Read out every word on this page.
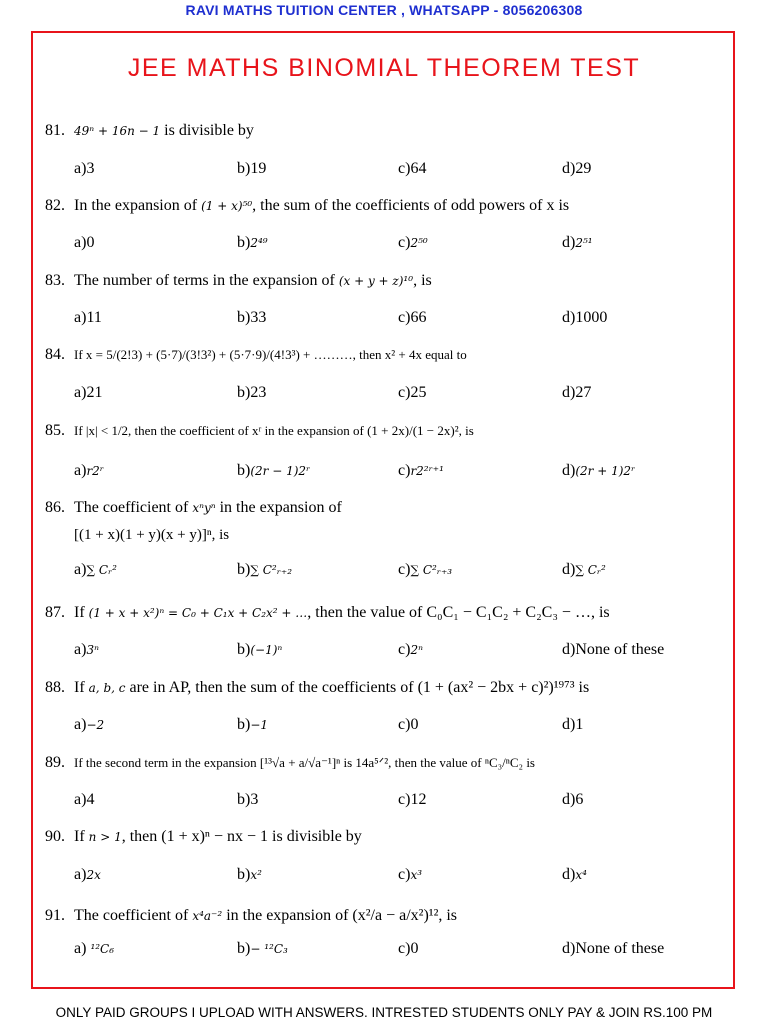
RAVI MATHS TUITION CENTER , WHATSAPP - 8056206308
JEE MATHS BINOMIAL THEOREM TEST
81. 49ⁿ + 16n − 1 is divisible by
a)3	b)19	c)64	d)29
82. In the expansion of (1 + x)⁵⁰, the sum of the coefficients of odd powers of x is
a)0	b)2⁴⁹	c)2⁵⁰	d)2⁵¹
83. The number of terms in the expansion of (x + y + z)¹⁰, is
a)11	b)33	c)66	d)1000
84. If x = 5/(2!3) + (5·7)/(3!3²) + (5·7·9)/(4!3³) + ………, then x² + 4x equal to
a)21	b)23	c)25	d)27
85. If |x| < 1/2, then the coefficient of xʳ in the expansion of (1 + 2x)/(1 − 2x)², is
a)r2ʳ	b)(2r − 1)2ʳ	c)r2²ʳ⁺¹	d)(2r + 1)2ʳ
86. The coefficient of xⁿyⁿ in the expansion of
[(1 + x)(1 + y)(x + y)]ⁿ, is
a)∑ Cᵣ²	b)∑ C²ᵣ₊₂	c)∑ C²ᵣ₊₃	d)∑ Cᵣ²
87. If (1 + x + x²)ⁿ = C₀ + C₁x + C₂x² + …, then the value of C₀C₁ − C₁C₂ + C₂C₃ − …, is
a)3ⁿ	b)(−1)ⁿ	c)2ⁿ	d)None of these
88. If a, b, c are in AP, then the sum of the coefficients of (1 + (ax² − 2bx + c)²)¹⁹⁷³ is
a)−2	b)−1	c)0	d)1
89. If the second term in the expansion [¹³√a + a/√a⁻¹]ⁿ is 14a⁵ᐟ², then the value of ⁿC₃/ⁿC₂ is
a)4	b)3	c)12	d)6
90. If n > 1, then (1 + x)ⁿ − nx − 1 is divisible by
a)2x	b)x²	c)x³	d)x⁴
91. The coefficient of x⁴a⁻² in the expansion of (x²/a − a/x²)¹², is
a) ¹²C₆	b)− ¹²C₃	c)0	d)None of these
ONLY PAID GROUPS I UPLOAD WITH ANSWERS. INTRESTED STUDENTS ONLY PAY & JOIN RS.100 PM
